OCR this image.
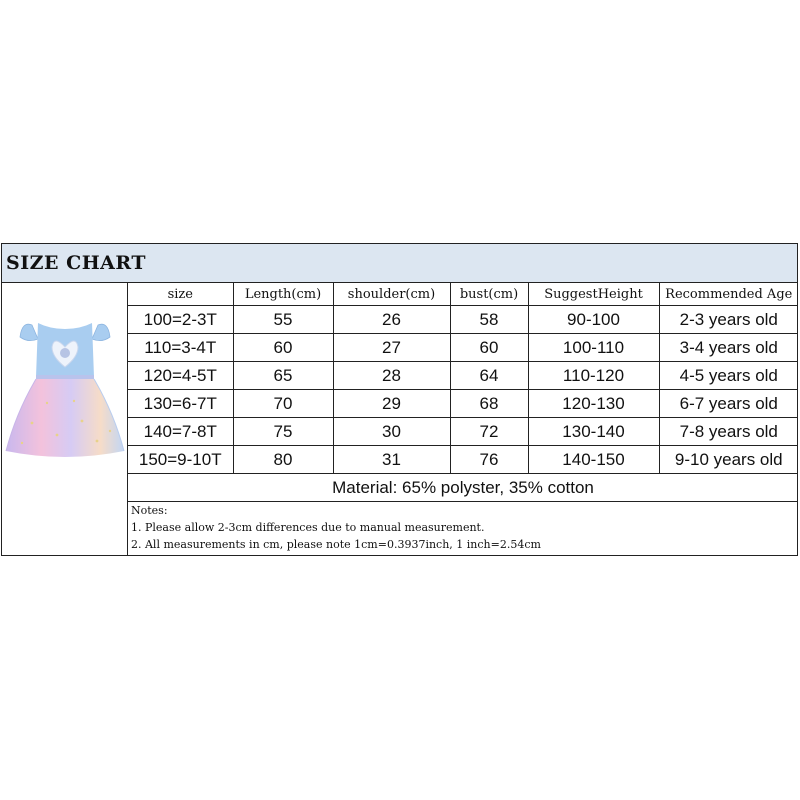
SIZE CHART
size	Length(cm)	shoulder(cm)	bust(cm)	SuggestHeight	Recommended Age
100=2-3T	55	26	58	90-100	2-3 years old
110=3-4T	60	27	60	100-110	3-4 years old
120=4-5T	65	28	64	110-120	4-5 years old
130=6-7T	70	29	68	120-130	6-7 years old
140=7-8T	75	30	72	130-140	7-8 years old
150=9-10T	80	31	76	140-150	9-10 years old
Material: 65% polyster, 35% cotton					

Notes:
1. Please allow 2-3cm differences due to manual measurement.
2. All measurements in cm, please note 1cm=0.3937inch, 1 inch=2.54cm					
